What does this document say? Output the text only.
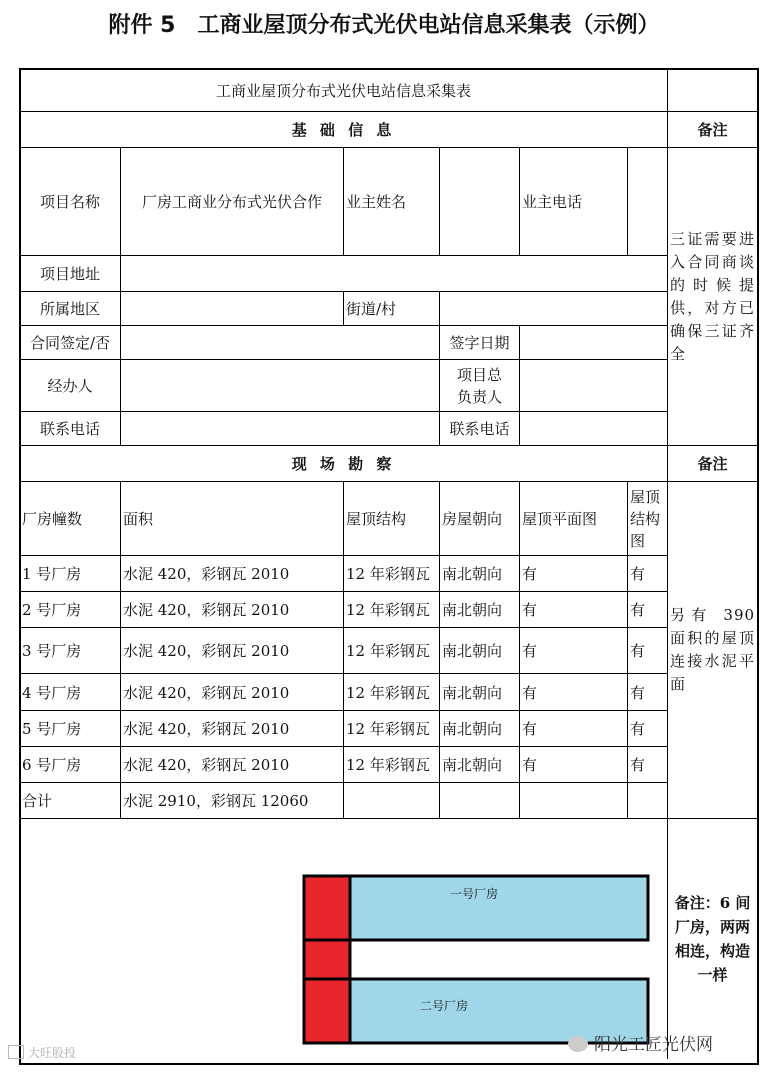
附件 5　工商业屋顶分布式光伏电站信息采集表（示例）
工商业屋顶分布式光伏电站信息采集表						
基 础 信 息						备注
项目名称	厂房工商业分布式光伏合作	业主姓名		业主电话		三证需要进入合同商谈的时候提供，对方已确保三证齐全
项目地址						
所属地区		街道/村				
合同签定/否			签字日期			
经办人			项目总负责人			
联系电话			联系电话			
现 场 勘 察						备注
厂房幢数	面积	屋顶结构	房屋朝向	屋顶平面图	屋顶结构图	另有 390 面积的屋顶连接水泥平面
1 号厂房	水泥 420，彩钢瓦 2010	12 年彩钢瓦	南北朝向	有	有	
2 号厂房	水泥 420，彩钢瓦 2010	12 年彩钢瓦	南北朝向	有	有	
3 号厂房	水泥 420，彩钢瓦 2010	12 年彩钢瓦	南北朝向	有	有	
4 号厂房	水泥 420，彩钢瓦 2010	12 年彩钢瓦	南北朝向	有	有	
5 号厂房	水泥 420，彩钢瓦 2010	12 年彩钢瓦	南北朝向	有	有	
6 号厂房	水泥 420，彩钢瓦 2010	12 年彩钢瓦	南北朝向	有	有	
合计	水泥 2910，彩钢瓦 12060					
						备注：6 间厂房，两两相连，构造一样
一号厂房
二号厂房
阳光工匠光伏网
大旺股投
